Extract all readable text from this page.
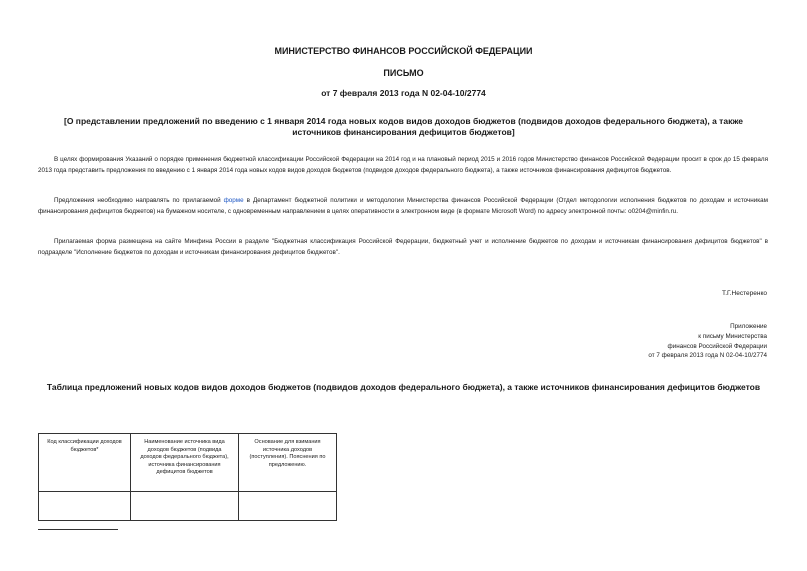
МИНИСТЕРСТВО ФИНАНСОВ РОССИЙСКОЙ ФЕДЕРАЦИИ
ПИСЬМО
от 7 февраля 2013 года N 02-04-10/2774
[О представлении предложений по введению с 1 января 2014 года новых кодов видов доходов бюджетов (подвидов доходов федерального бюджета), а также источников финансирования дефицитов бюджетов]
В целях формирования Указаний о порядке применения бюджетной классификации Российской Федерации на 2014 год и на плановый период 2015 и 2016 годов Министерство финансов Российской Федерации просит в срок до 15 февраля 2013 года представить предложения по введению с 1 января 2014 года новых кодов видов доходов бюджетов (подвидов доходов федерального бюджета), а также источников финансирования дефицитов бюджетов.
Предложения необходимо направлять по прилагаемой форме в Департамент бюджетной политики и методологии Министерства финансов Российской Федерации (Отдел методологии исполнения бюджетов по доходам и источникам финансирования дефицитов бюджетов) на бумажном носителе, с одновременным направлением в целях оперативности в электронном виде (в формате Microsoft Word) по адресу электронной почты: o0204@minfin.ru.
Прилагаемая форма размещена на сайте Минфина России в разделе "Бюджетная классификация Российской Федерации, бюджетный учет и исполнение бюджетов по доходам и источникам финансирования дефицитов бюджетов" в подразделе "Исполнение бюджетов по доходам и источникам финансирования дефицитов бюджетов".
Т.Г.Нестеренко
Приложение
к письму Министерства
финансов Российской Федерации
от 7 февраля 2013 года N 02-04-10/2774
Таблица предложений новых кодов видов доходов бюджетов (подвидов доходов федерального бюджета), а также источников финансирования дефицитов бюджетов
Код классификации доходов бюджетов*	Наименование источника вида доходов бюджетов (подвида доходов федерального бюджета), источника финансирования дефицитов бюджетов	Основание для взимания источника доходов (поступления). Пояснения по предложению.
